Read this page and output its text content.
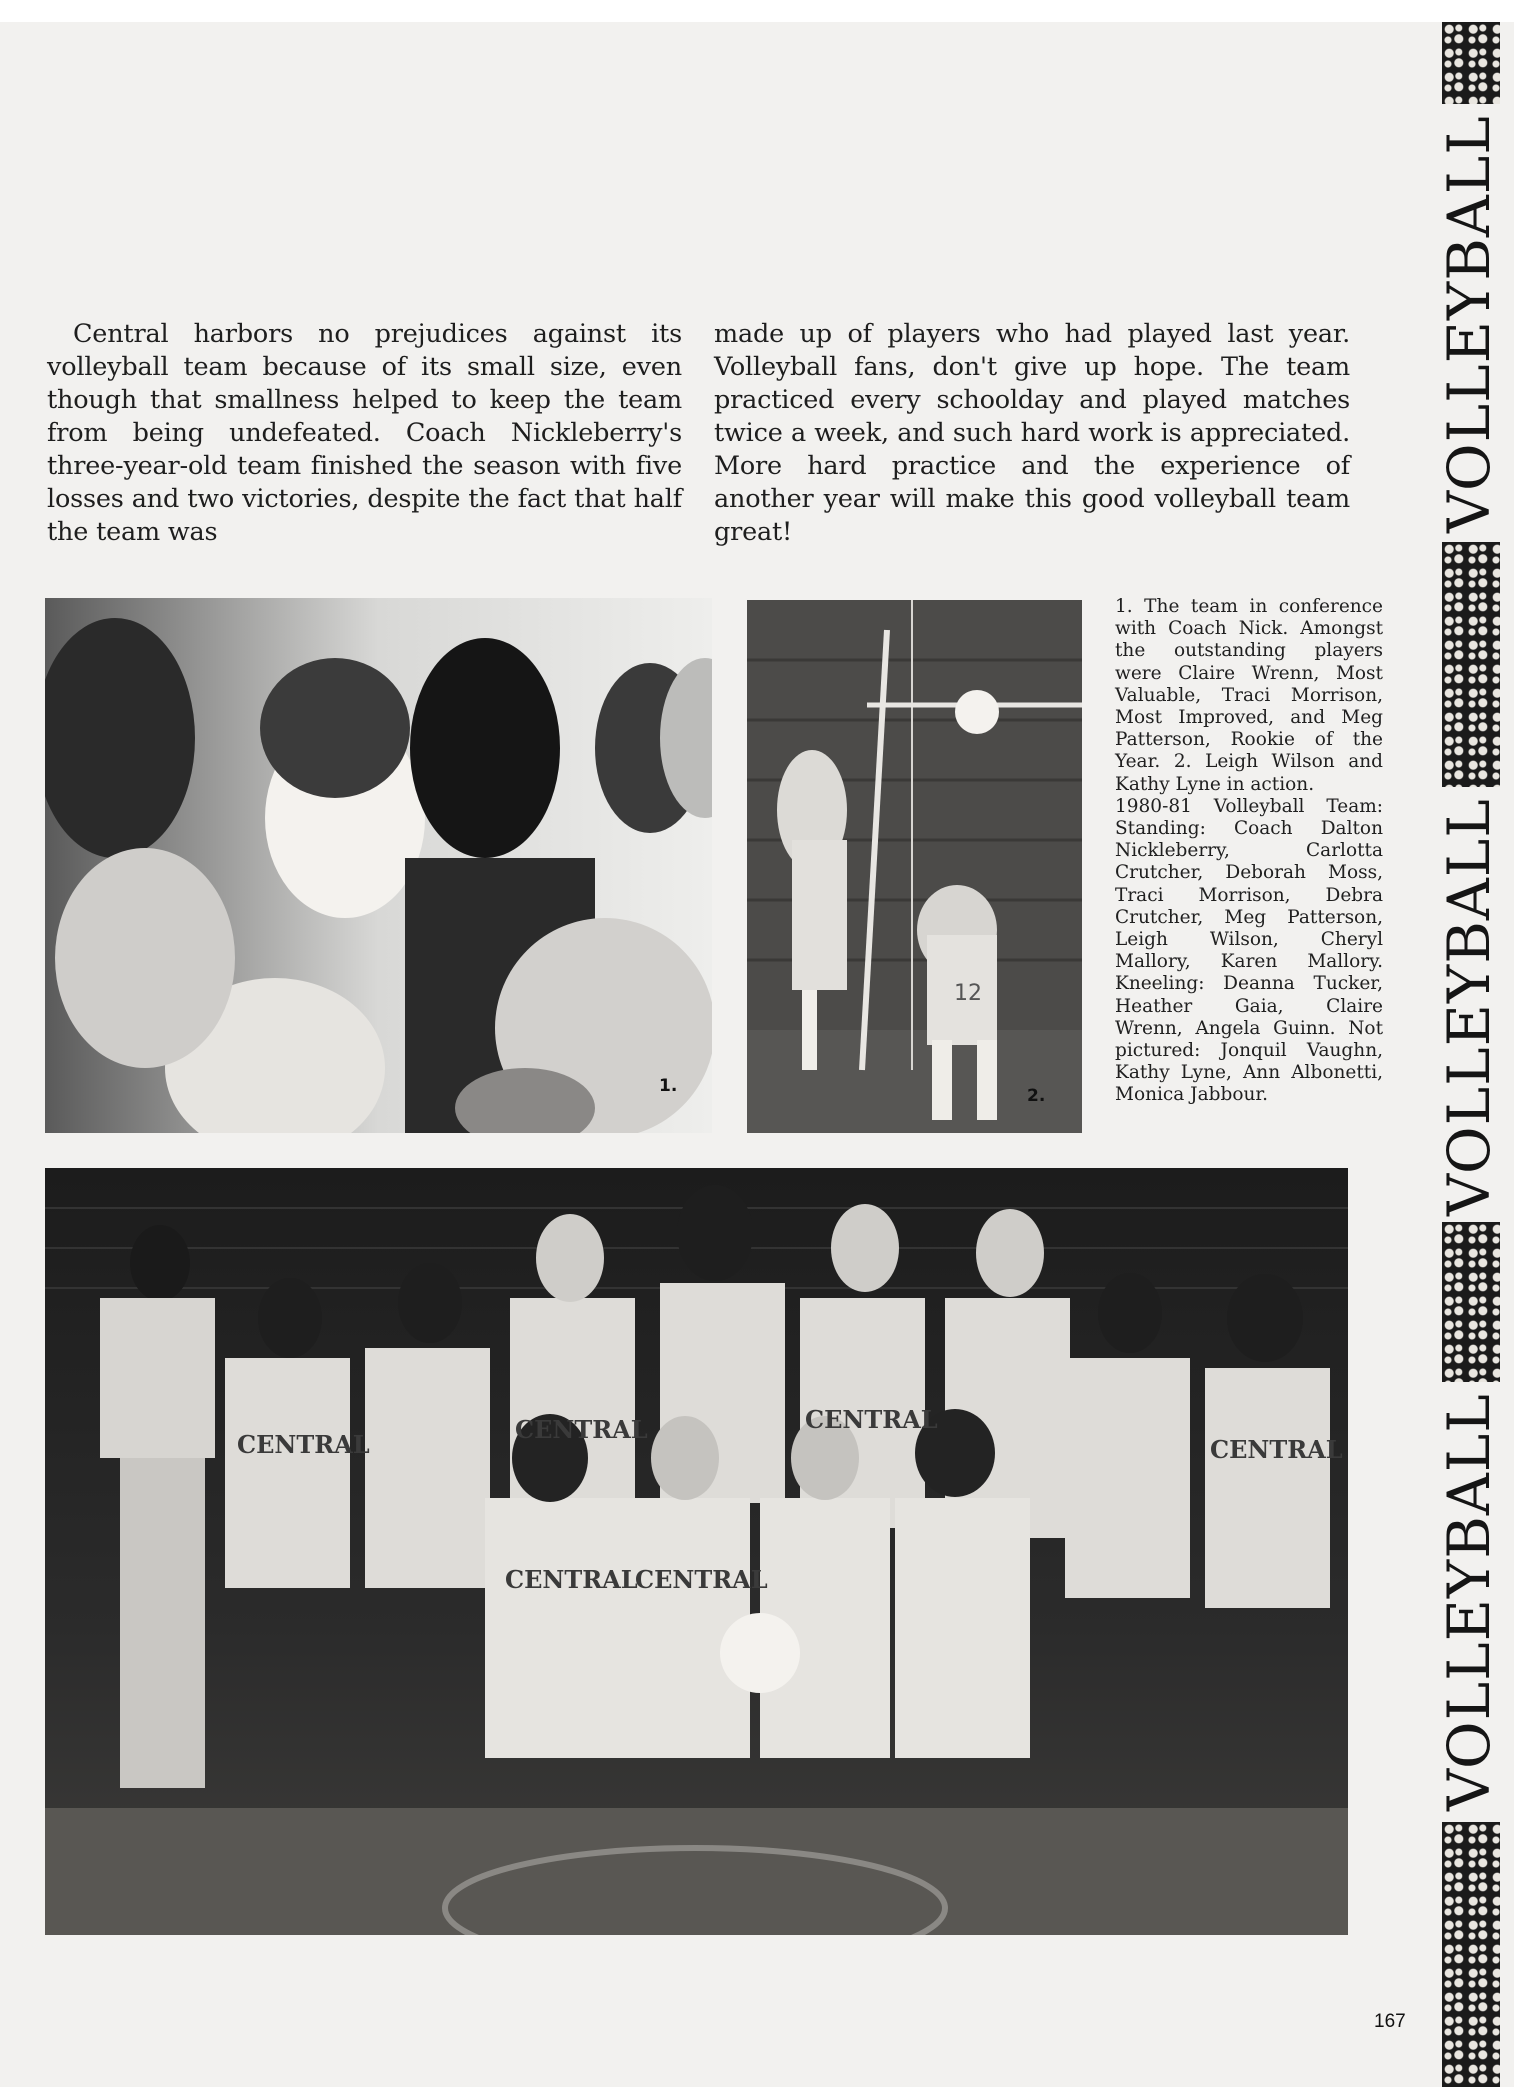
Central harbors no prejudices against its volleyball team because of its small size, even though that smallness helped to keep the team from being undefeated. Coach Nickleberry's three-year-old team finished the season with five losses and two victories, despite the fact that half the team was

made up of players who had played last year. Volleyball fans, don't give up hope. The team practiced every schoolday and played matches twice a week, and such hard work is appreciated. More hard practice and the experience of another year will make this good volleyball team great!

1.
12
2.

1. The team in conference with Coach Nick. Amongst the outstanding players were Claire Wrenn, Most Valuable, Traci Morrison, Most Improved, and Meg Patterson, Rookie of the Year. 2. Leigh Wilson and Kathy Lyne in action.

1980-81 Volleyball Team: Standing: Coach Dalton Nickleberry, Carlotta Crutcher, Deborah Moss, Traci Morrison, Debra Crutcher, Meg Patterson, Leigh Wilson, Cheryl Mallory, Karen Mallory. Kneeling: Deanna Tucker, Heather Gaia, Claire Wrenn, Angela Guinn. Not pictured: Jonquil Vaughn, Kathy Lyne, Ann Albonetti, Monica Jabbour.

CENTRAL
CENTRAL	CENTRAL
CENTRAL
CENTRAL
CENTRAL
167
VOLLEYBALL
VOLLEYBALL
VOLLEYBALL
